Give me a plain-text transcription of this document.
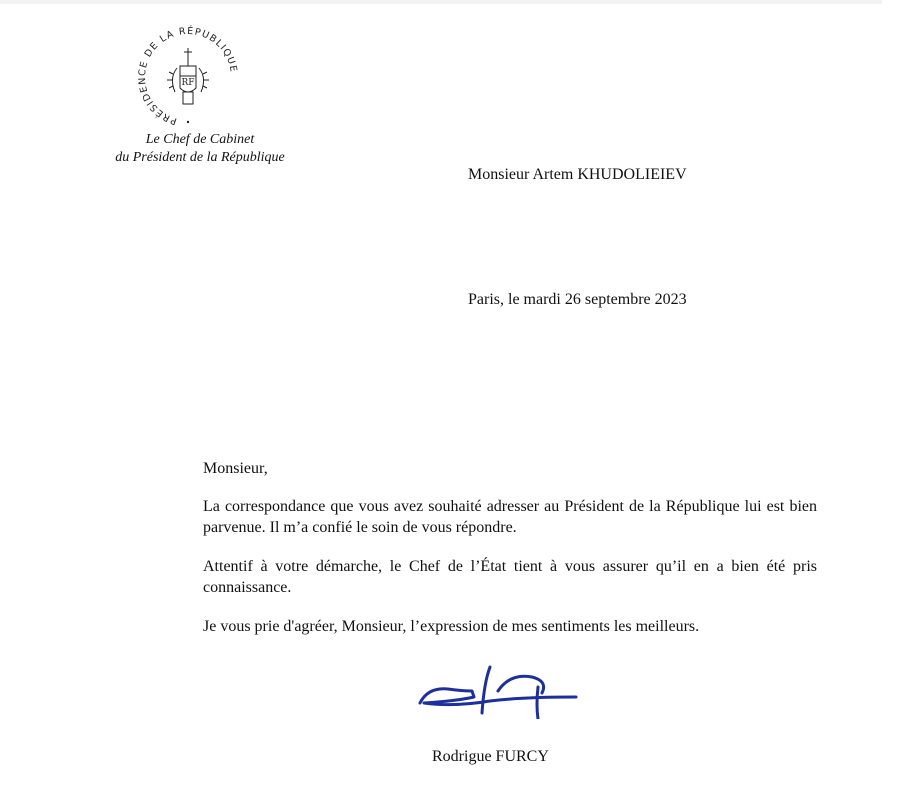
PRÉSIDENCE DE LA RÉPUBLIQUE
RF
Le Chef de Cabinet
du Président de la République
Monsieur Artem KHUDOLIEIEV
Paris, le mardi 26 septembre 2023

Monsieur,

La correspondance que vous avez souhaité adresser au Président de la République lui est bien parvenue. Il m’a confié le soin de vous répondre.

Attentif à votre démarche, le Chef de l’État tient à vous assurer qu’il en a bien été pris connaissance.

Je vous prie d'agréer, Monsieur, l’expression de mes sentiments les meilleurs.

Rodrigue FURCY
